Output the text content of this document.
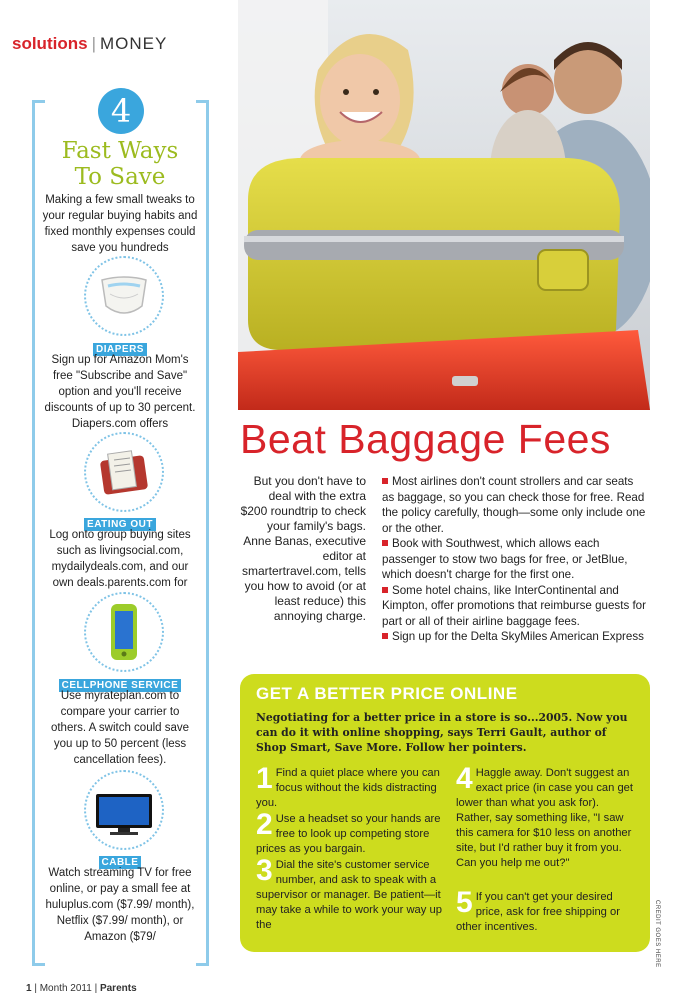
solutions | MONEY
4
Fast Ways
To Save
Making a few small tweaks to your regular buying habits and fixed monthly expenses could save you hundreds
DIAPERS
Sign up for Amazon Mom's free "Subscribe and Save" option and you'll receive discounts of up to 30 percent. Diapers.com offers
EATING OUT
Log onto group buying sites such as livingsocial.com, mydailydeals.com, and our own deals.parents.com for
CELLPHONE SERVICE
Use myrateplan.com to compare your carrier to others. A switch could save you up to 50 percent (less cancellation fees).
CABLE
Watch streaming TV for free online, or pay a small fee at huluplus.com ($7.99/ month), Netflix ($7.99/ month), or Amazon ($79/
Beat Baggage Fees
But you don't have to deal with the extra $200 roundtrip to check your family's bags. Anne Banas, executive editor at smartertravel.com, tells you how to avoid (or at least reduce) this annoying charge.
Most airlines don't count strollers and car seats as baggage, so you can check those for free. Read the policy carefully, though—some only include one or the other.
Book with Southwest, which allows each passenger to stow two bags for free, or JetBlue, which doesn't charge for the first one.
Some hotel chains, like InterContinental and Kimpton, offer promotions that reimburse guests for part or all of their airline baggage fees.
Sign up for the Delta SkyMiles American Express
GET A BETTER PRICE ONLINE
Negotiating for a better price in a store is so...2005. Now you can do it with online shopping, says Terri Gault, author of Shop Smart, Save More. Follow her pointers.
1 Find a quiet place where you can focus without the kids distracting you.
2 Use a headset so your hands are free to look up competing store prices as you bargain.
3 Dial the site's customer service number, and ask to speak with a supervisor or manager. Be patient—it may take a while to work your way up the
4 Haggle away. Don't suggest an exact price (in case you can get lower than what you ask for). Rather, say something like, "I saw this camera for $10 less on another site, but I'd rather buy it from you. Can you help me out?"
5 If you can't get your desired price, ask for free shipping or other incentives.	CREDIT GOES HERE
1 | Month 2011 | Parents
